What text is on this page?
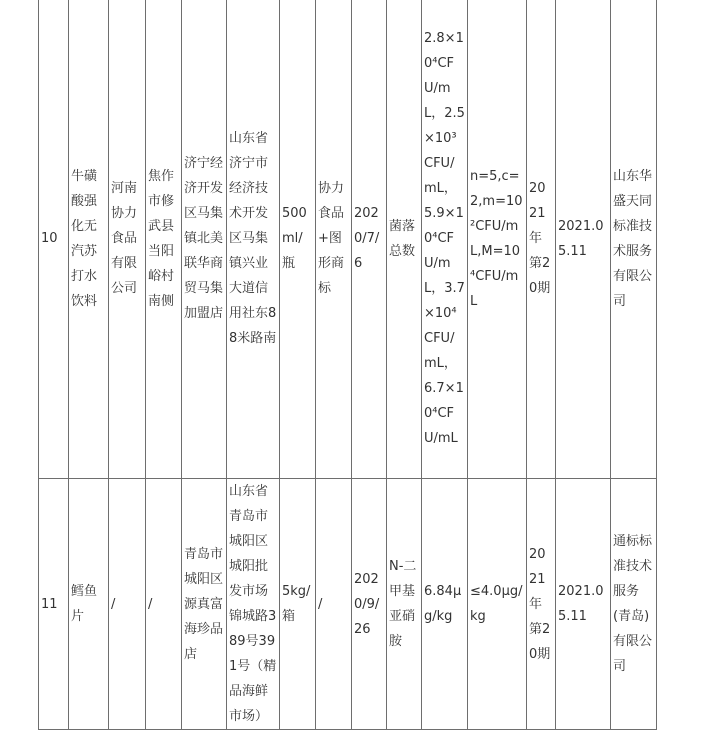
10	牛磺酸强化无汽苏打水饮料	河南协力食品有限公司	焦作市修武县当阳峪村南侧	济宁经济开发区马集镇北美联华商贸马集加盟店	山东省济宁市经济技术开发区马集镇兴业大道信用社东88米路南	500ml/瓶	协力食品+图形商标	2020/7/6	菌落总数	2.8×10⁴CFU/mL，2.5×10³CFU/mL，5.9×10⁴CFU/mL，3.7×10⁴CFU/mL，6.7×10⁴CFU/mL	n=5,c=2,m=10²CFU/mL,M=10⁴CFU/mL	2021年第20期	2021.05.11	山东华盛天同标准技术服务有限公司
11	鳕鱼片	/	/	青岛市城阳区源真富海珍品店	山东省青岛市城阳区城阳批发市场锦城路389号391号（精品海鲜市场）	5kg/箱	/	2020/9/26	N-二甲基亚硝胺	6.84μg/kg	≤4.0μg/kg	2021年第20期	2021.05.11	通标标准技术服务(青岛)有限公司
